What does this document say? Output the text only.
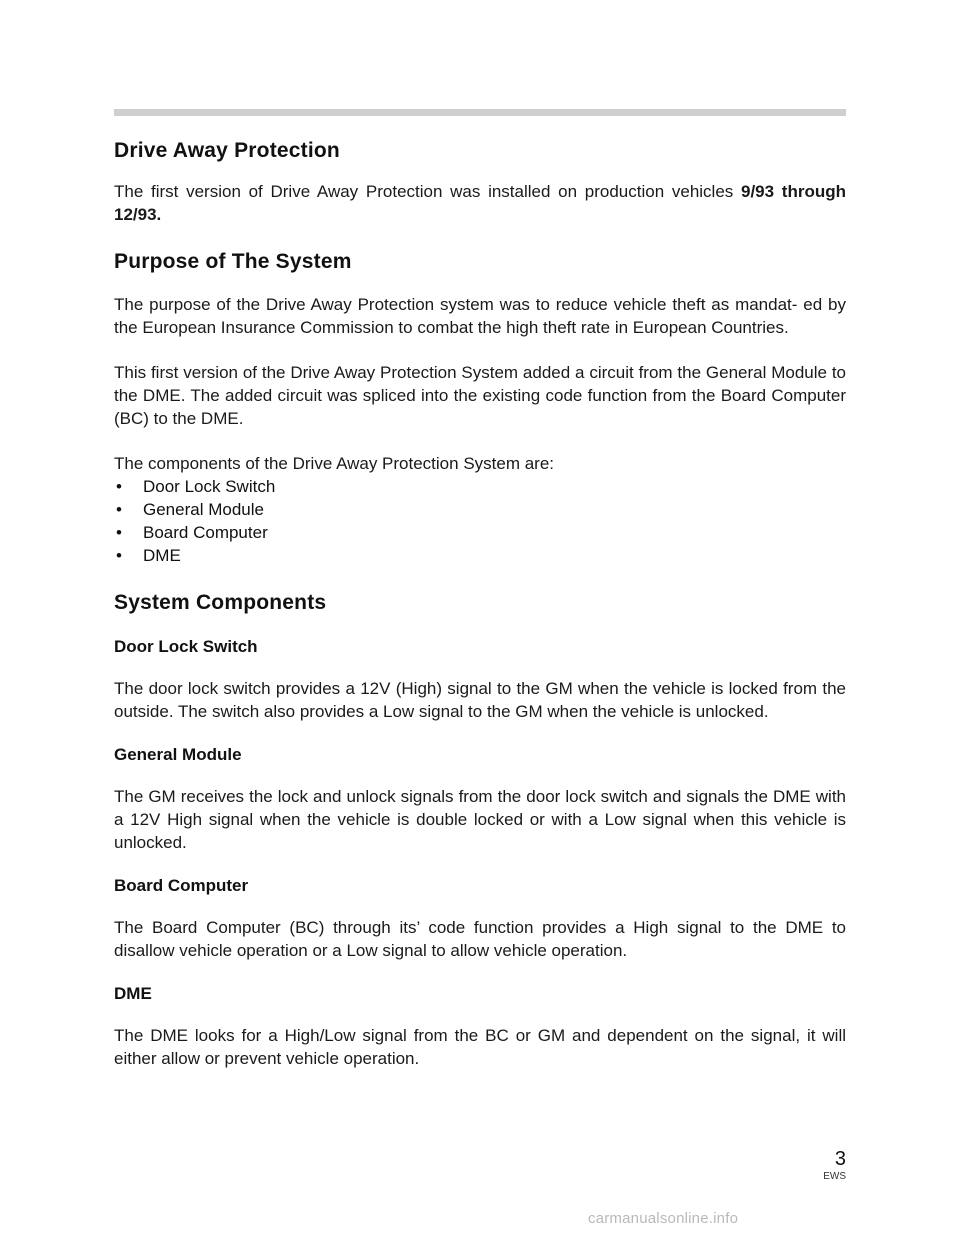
Drive Away Protection

The first version of Drive Away Protection was installed on production vehicles 9/93 through 12/93.

Purpose of The System

The purpose of the Drive Away Protection system was to reduce vehicle theft as mandat- ed by the European Insurance Commission to combat the high theft rate in European Countries.

This first version of the Drive Away Protection System added a circuit from the General Module to the DME. The added circuit was spliced into the existing code function from the Board Computer (BC) to the DME.

The components of the Drive Away Protection System are:

• Door Lock Switch
• General Module
• Board Computer
• DME
System Components
Door Lock Switch

The door lock switch provides a 12V (High) signal to the GM when the vehicle is locked from the outside. The switch also provides a Low signal to the GM when the vehicle is unlocked.

General Module

The GM receives the lock and unlock signals from the door lock switch and signals the DME with a 12V High signal when the vehicle is double locked or with a Low signal when this vehicle is unlocked.

Board Computer

The Board Computer (BC) through its’ code function provides a High signal to the DME to disallow vehicle operation or a Low signal to allow vehicle operation.

DME

The DME looks for a High/Low signal from the BC or GM and dependent on the signal, it will either allow or prevent vehicle operation.

3
EWS
carmanualsonline.info
